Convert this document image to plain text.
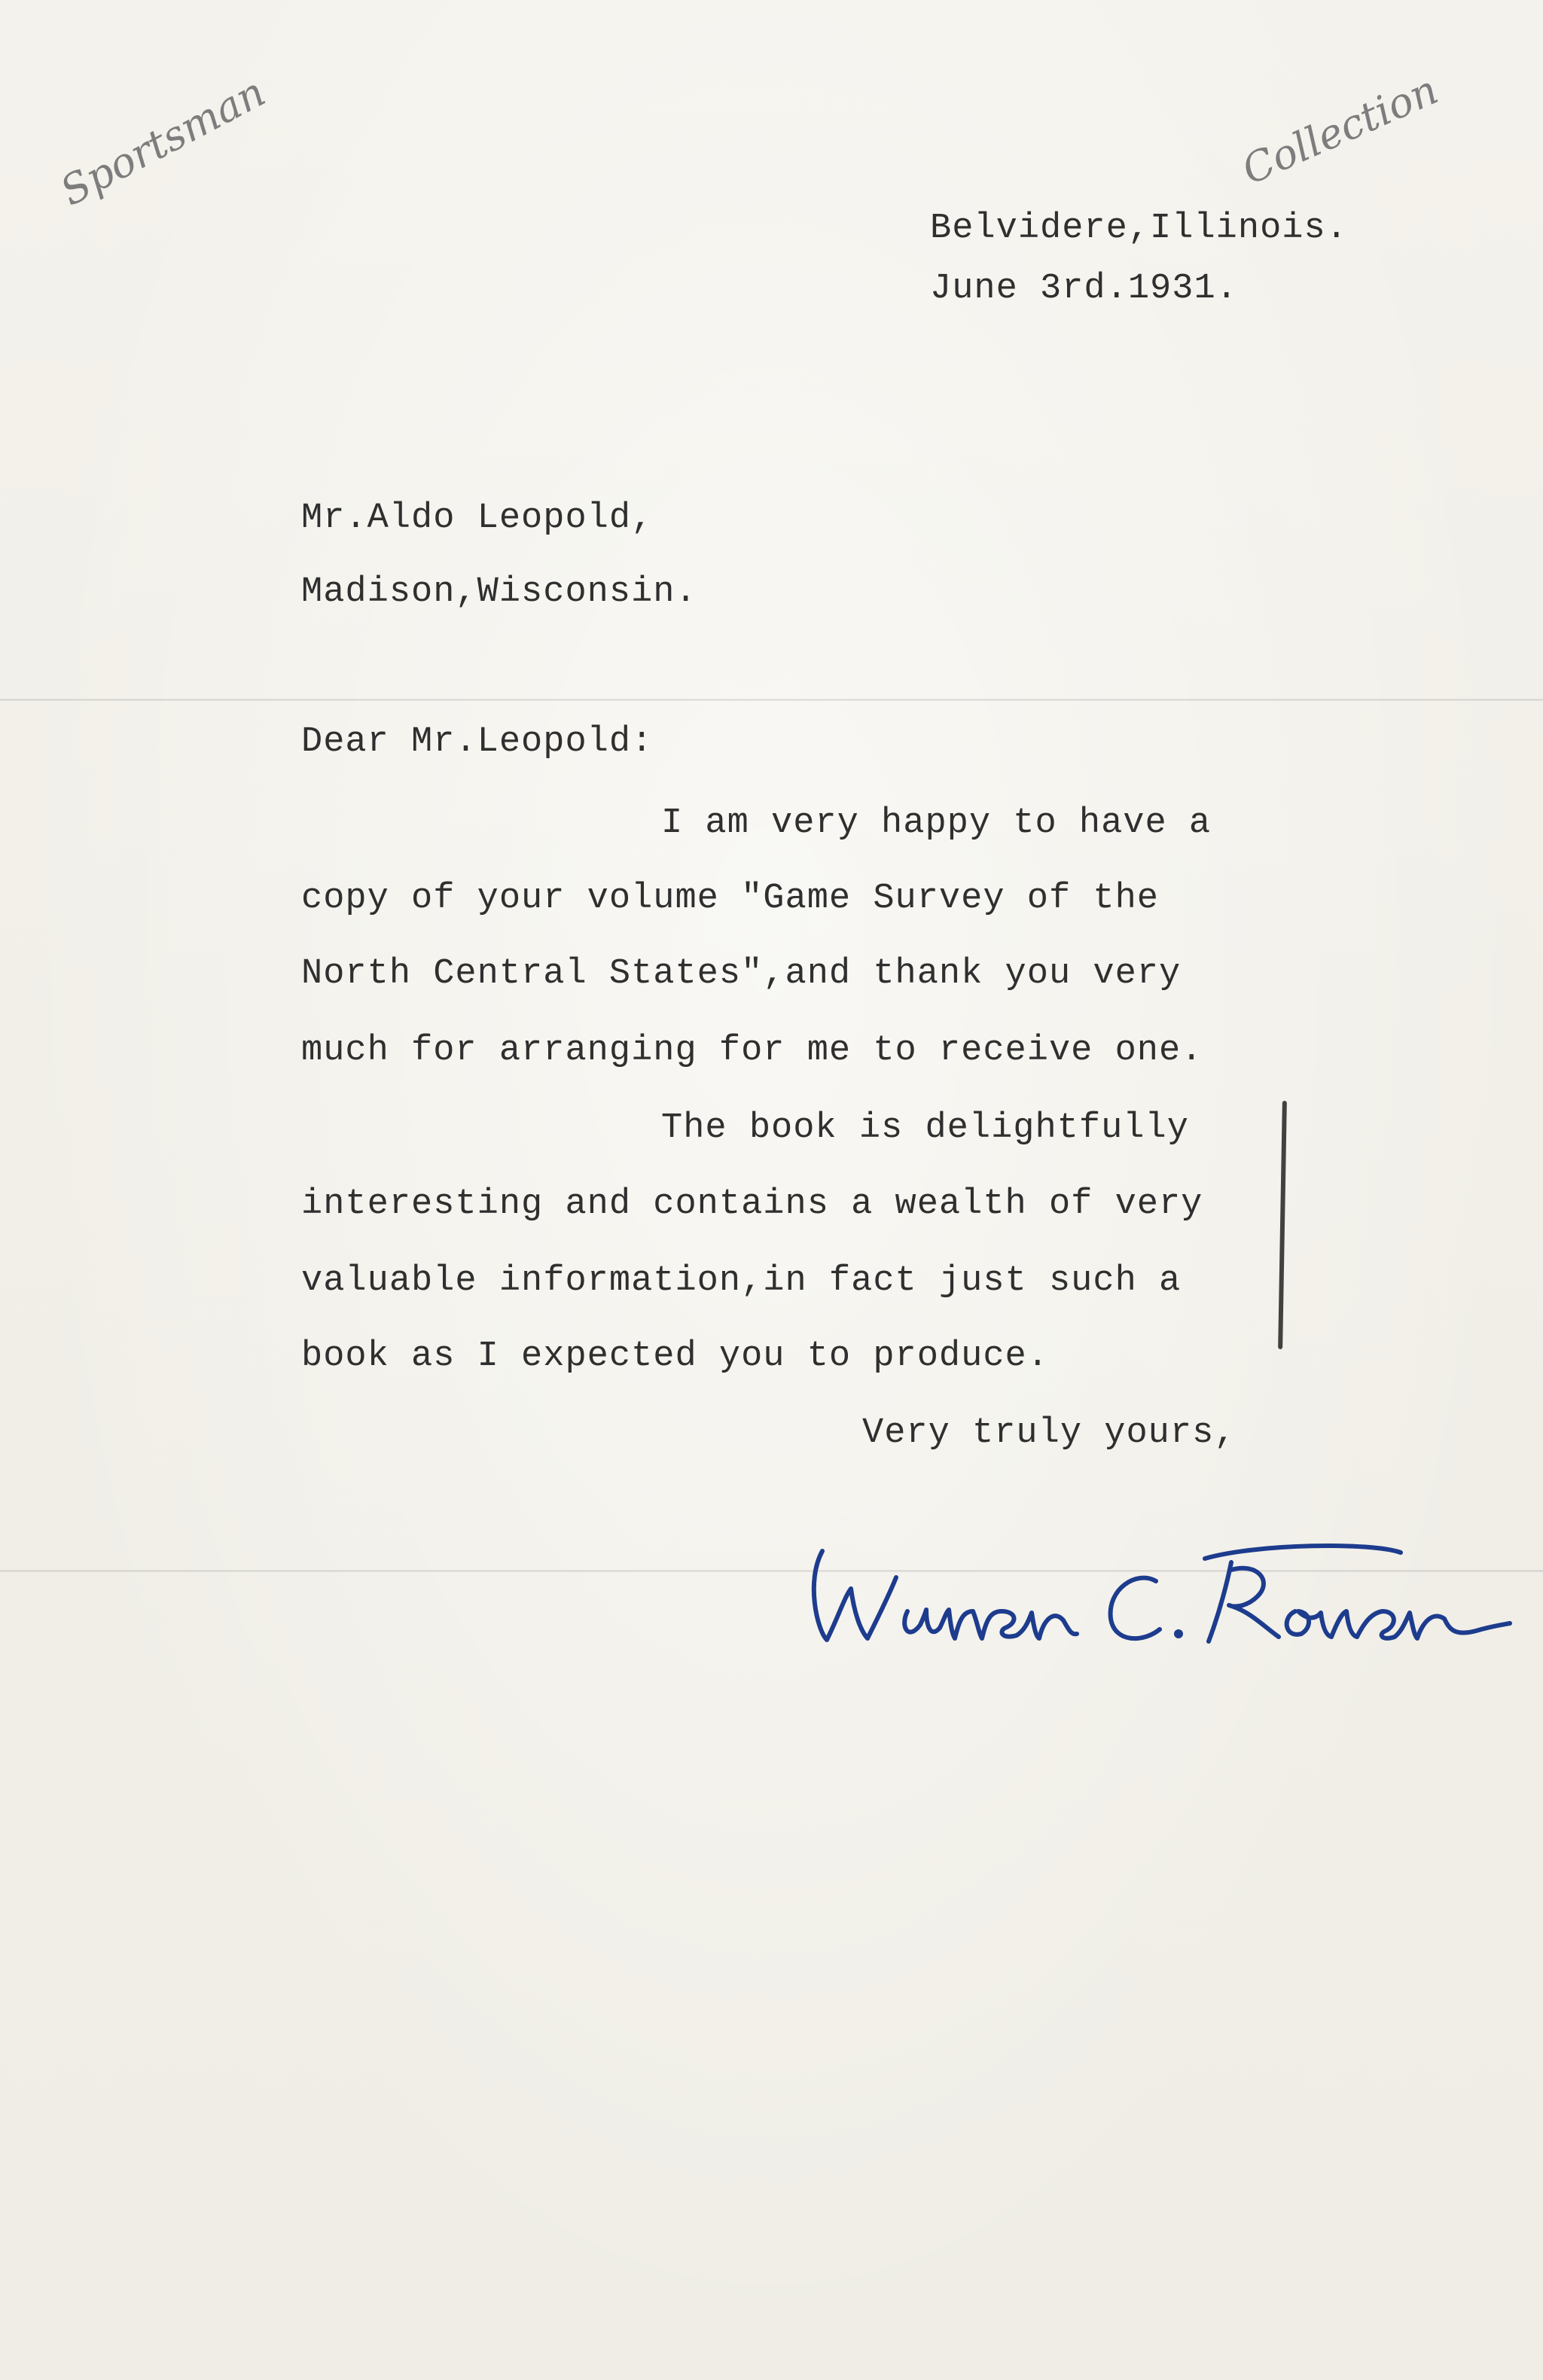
Sportsman	Collection
Belvidere,Illinois.
June 3rd.1931.
Mr.Aldo Leopold,
Madison,Wisconsin.
Dear Mr.Leopold:
I am very happy to have a
copy of your volume "Game Survey of the
North Central States",and thank you very
much for arranging for me to receive one.
The book is delightfully
interesting and contains a wealth of very
valuable information,in fact just such a
book as I expected you to produce.
Very truly yours,
